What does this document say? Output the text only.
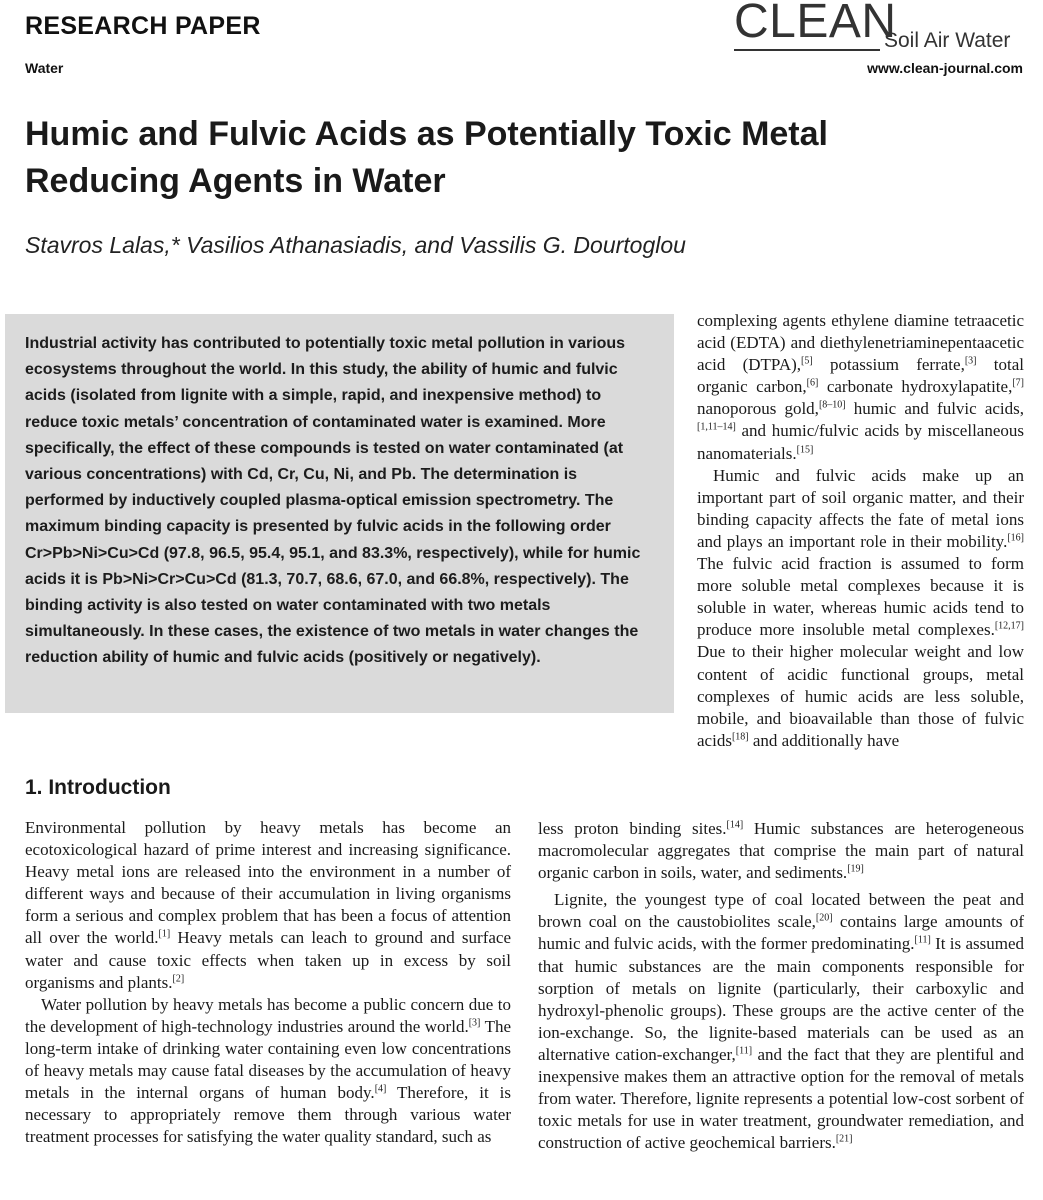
RESEARCH PAPER	CLEAN
Soil Air Water
Water	www.clean-journal.com
Humic and Fulvic Acids as Potentially Toxic Metal Reducing Agents in Water
Stavros Lalas,* Vasilios Athanasiadis, and Vassilis G. Dourtoglou
Industrial activity has contributed to potentially toxic metal pollution in various ecosystems throughout the world. In this study, the ability of humic and fulvic acids (isolated from lignite with a simple, rapid, and inexpensive method) to reduce toxic metals’ concentration of contaminated water is examined. More specifically, the effect of these compounds is tested on water contaminated (at various concentrations) with Cd, Cr, Cu, Ni, and Pb. The determination is performed by inductively coupled plasma-optical emission spectrometry. The maximum binding capacity is presented by fulvic acids in the following order Cr>Pb>Ni>Cu>Cd (97.8, 96.5, 95.4, 95.1, and 83.3%, respectively), while for humic acids it is Pb>Ni>Cr>Cu>Cd (81.3, 70.7, 68.6, 67.0, and 66.8%, respectively). The binding activity is also tested on water contaminated with two metals simultaneously. In these cases, the existence of two metals in water changes the reduction ability of humic and fulvic acids (positively or negatively).
1. Introduction

Environmental pollution by heavy metals has become an ecotoxicological hazard of prime interest and increasing significance. Heavy metal ions are released into the environment in a number of different ways and because of their accumulation in living organisms form a serious and complex problem that has been a focus of attention all over the world.[1] Heavy metals can leach to ground and surface water and cause toxic effects when taken up in excess by soil organisms and plants.[2]

Water pollution by heavy metals has become a public concern due to the development of high-technology industries around the world.[3] The long-term intake of drinking water containing even low concentrations of heavy metals may cause fatal diseases by the accumulation of heavy metals in the internal organs of human body.[4] Therefore, it is necessary to appropriately remove them through various water treatment processes for satisfying the water quality standard, such as

complexing agents ethylene diamine tetraacetic acid (EDTA) and diethylenetriaminepentaacetic acid (DTPA),[5] potassium ferrate,[3] total organic carbon,[6] carbonate hydroxylapatite,[7] nanoporous gold,[8–10] humic and fulvic acids,[1,11–14] and humic/fulvic acids by miscellaneous nanomaterials.[15]

Humic and fulvic acids make up an important part of soil organic matter, and their binding capacity affects the fate of metal ions and plays an important role in their mobility.[16] The fulvic acid fraction is assumed to form more soluble metal complexes because it is soluble in water, whereas humic acids tend to produce more insoluble metal complexes.[12,17] Due to their higher molecular weight and low content of acidic functional groups, metal complexes of humic acids are less soluble, mobile, and bioavailable than those of fulvic acids[18] and additionally have

less proton binding sites.[14] Humic substances are heterogeneous macromolecular aggregates that comprise the main part of natural organic carbon in soils, water, and sediments.[19]

Lignite, the youngest type of coal located between the peat and brown coal on the caustobiolites scale,[20] contains large amounts of humic and fulvic acids, with the former predominating.[11] It is assumed that humic substances are the main components responsible for sorption of metals on lignite (particularly, their carboxylic and hydroxyl-phenolic groups). These groups are the active center of the ion-exchange. So, the lignite-based materials can be used as an alternative cation-exchanger,[11] and the fact that they are plentiful and inexpensive makes them an attractive option for the removal of metals from water. Therefore, lignite represents a potential low-cost sorbent of toxic metals for use in water treatment, groundwater remediation, and construction of active geochemical barriers.[21]
